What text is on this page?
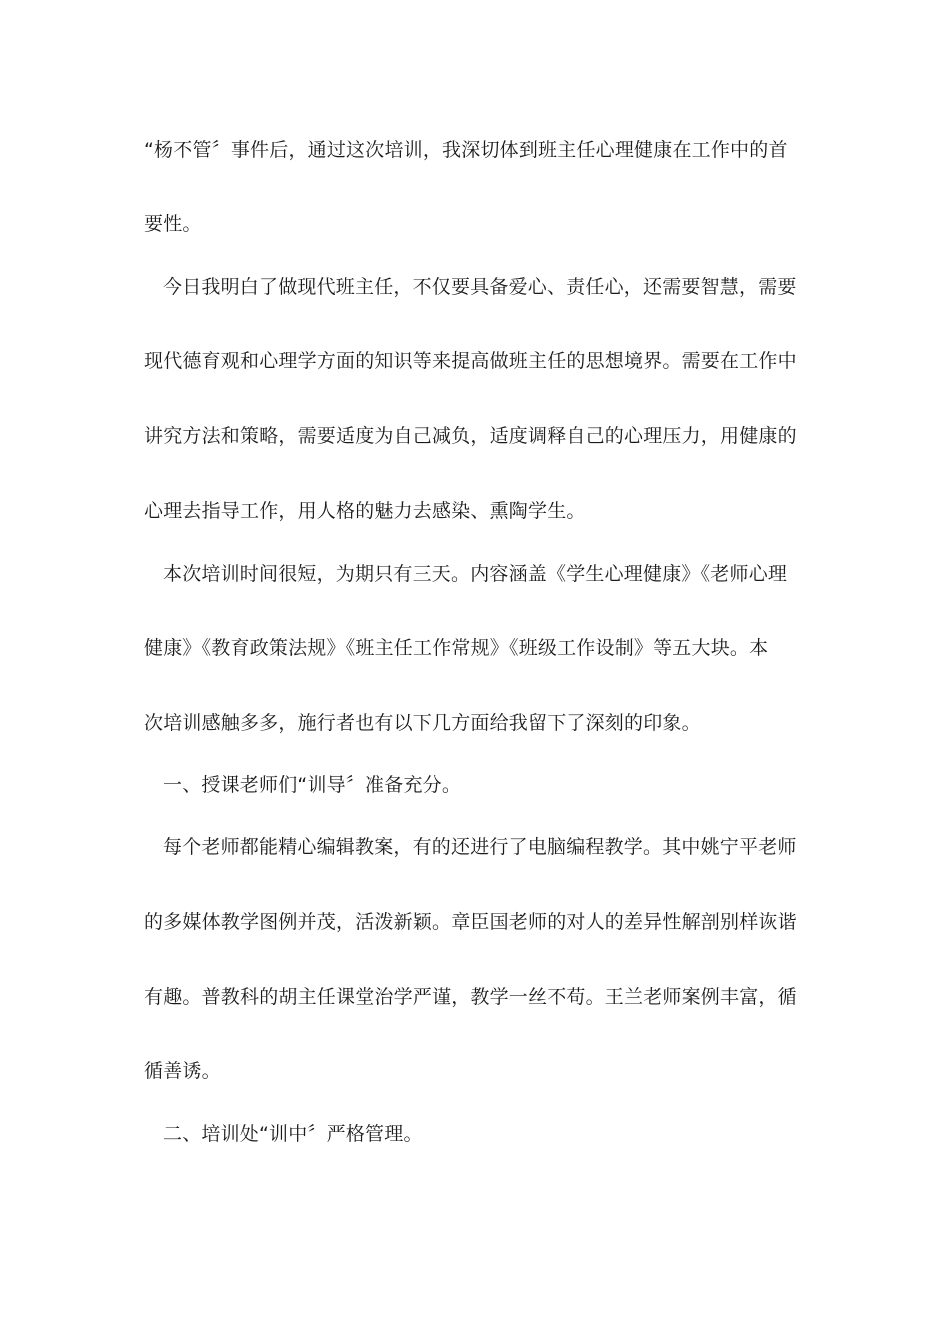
“杨不管〞事件后，通过这次培训，我深切体到班主任心理健康在工作中的首
要性。
今日我明白了做现代班主任，不仅要具备爱心、责任心，还需要智慧，需要
现代德育观和心理学方面的知识等来提高做班主任的思想境界。需要在工作中
讲究方法和策略，需要适度为自己减负，适度调释自己的心理压力，用健康的
心理去指导工作，用人格的魅力去感染、熏陶学生。
本次培训时间很短，为期只有三天。内容涵盖《学生心理健康》《老师心理
健康》《教育政策法规》《班主任工作常规》《班级工作设制》等五大块。本
次培训感触多多，施行者也有以下几方面给我留下了深刻的印象。
一、授课老师们“训导〞准备充分。
每个老师都能精心编辑教案，有的还进行了电脑编程教学。其中姚宁平老师
的多媒体教学图例并茂，活泼新颖。章臣国老师的对人的差异性解剖别样诙谐
有趣。普教科的胡主任课堂治学严谨，教学一丝不苟。王兰老师案例丰富，循
循善诱。
二、培训处“训中〞严格管理。
